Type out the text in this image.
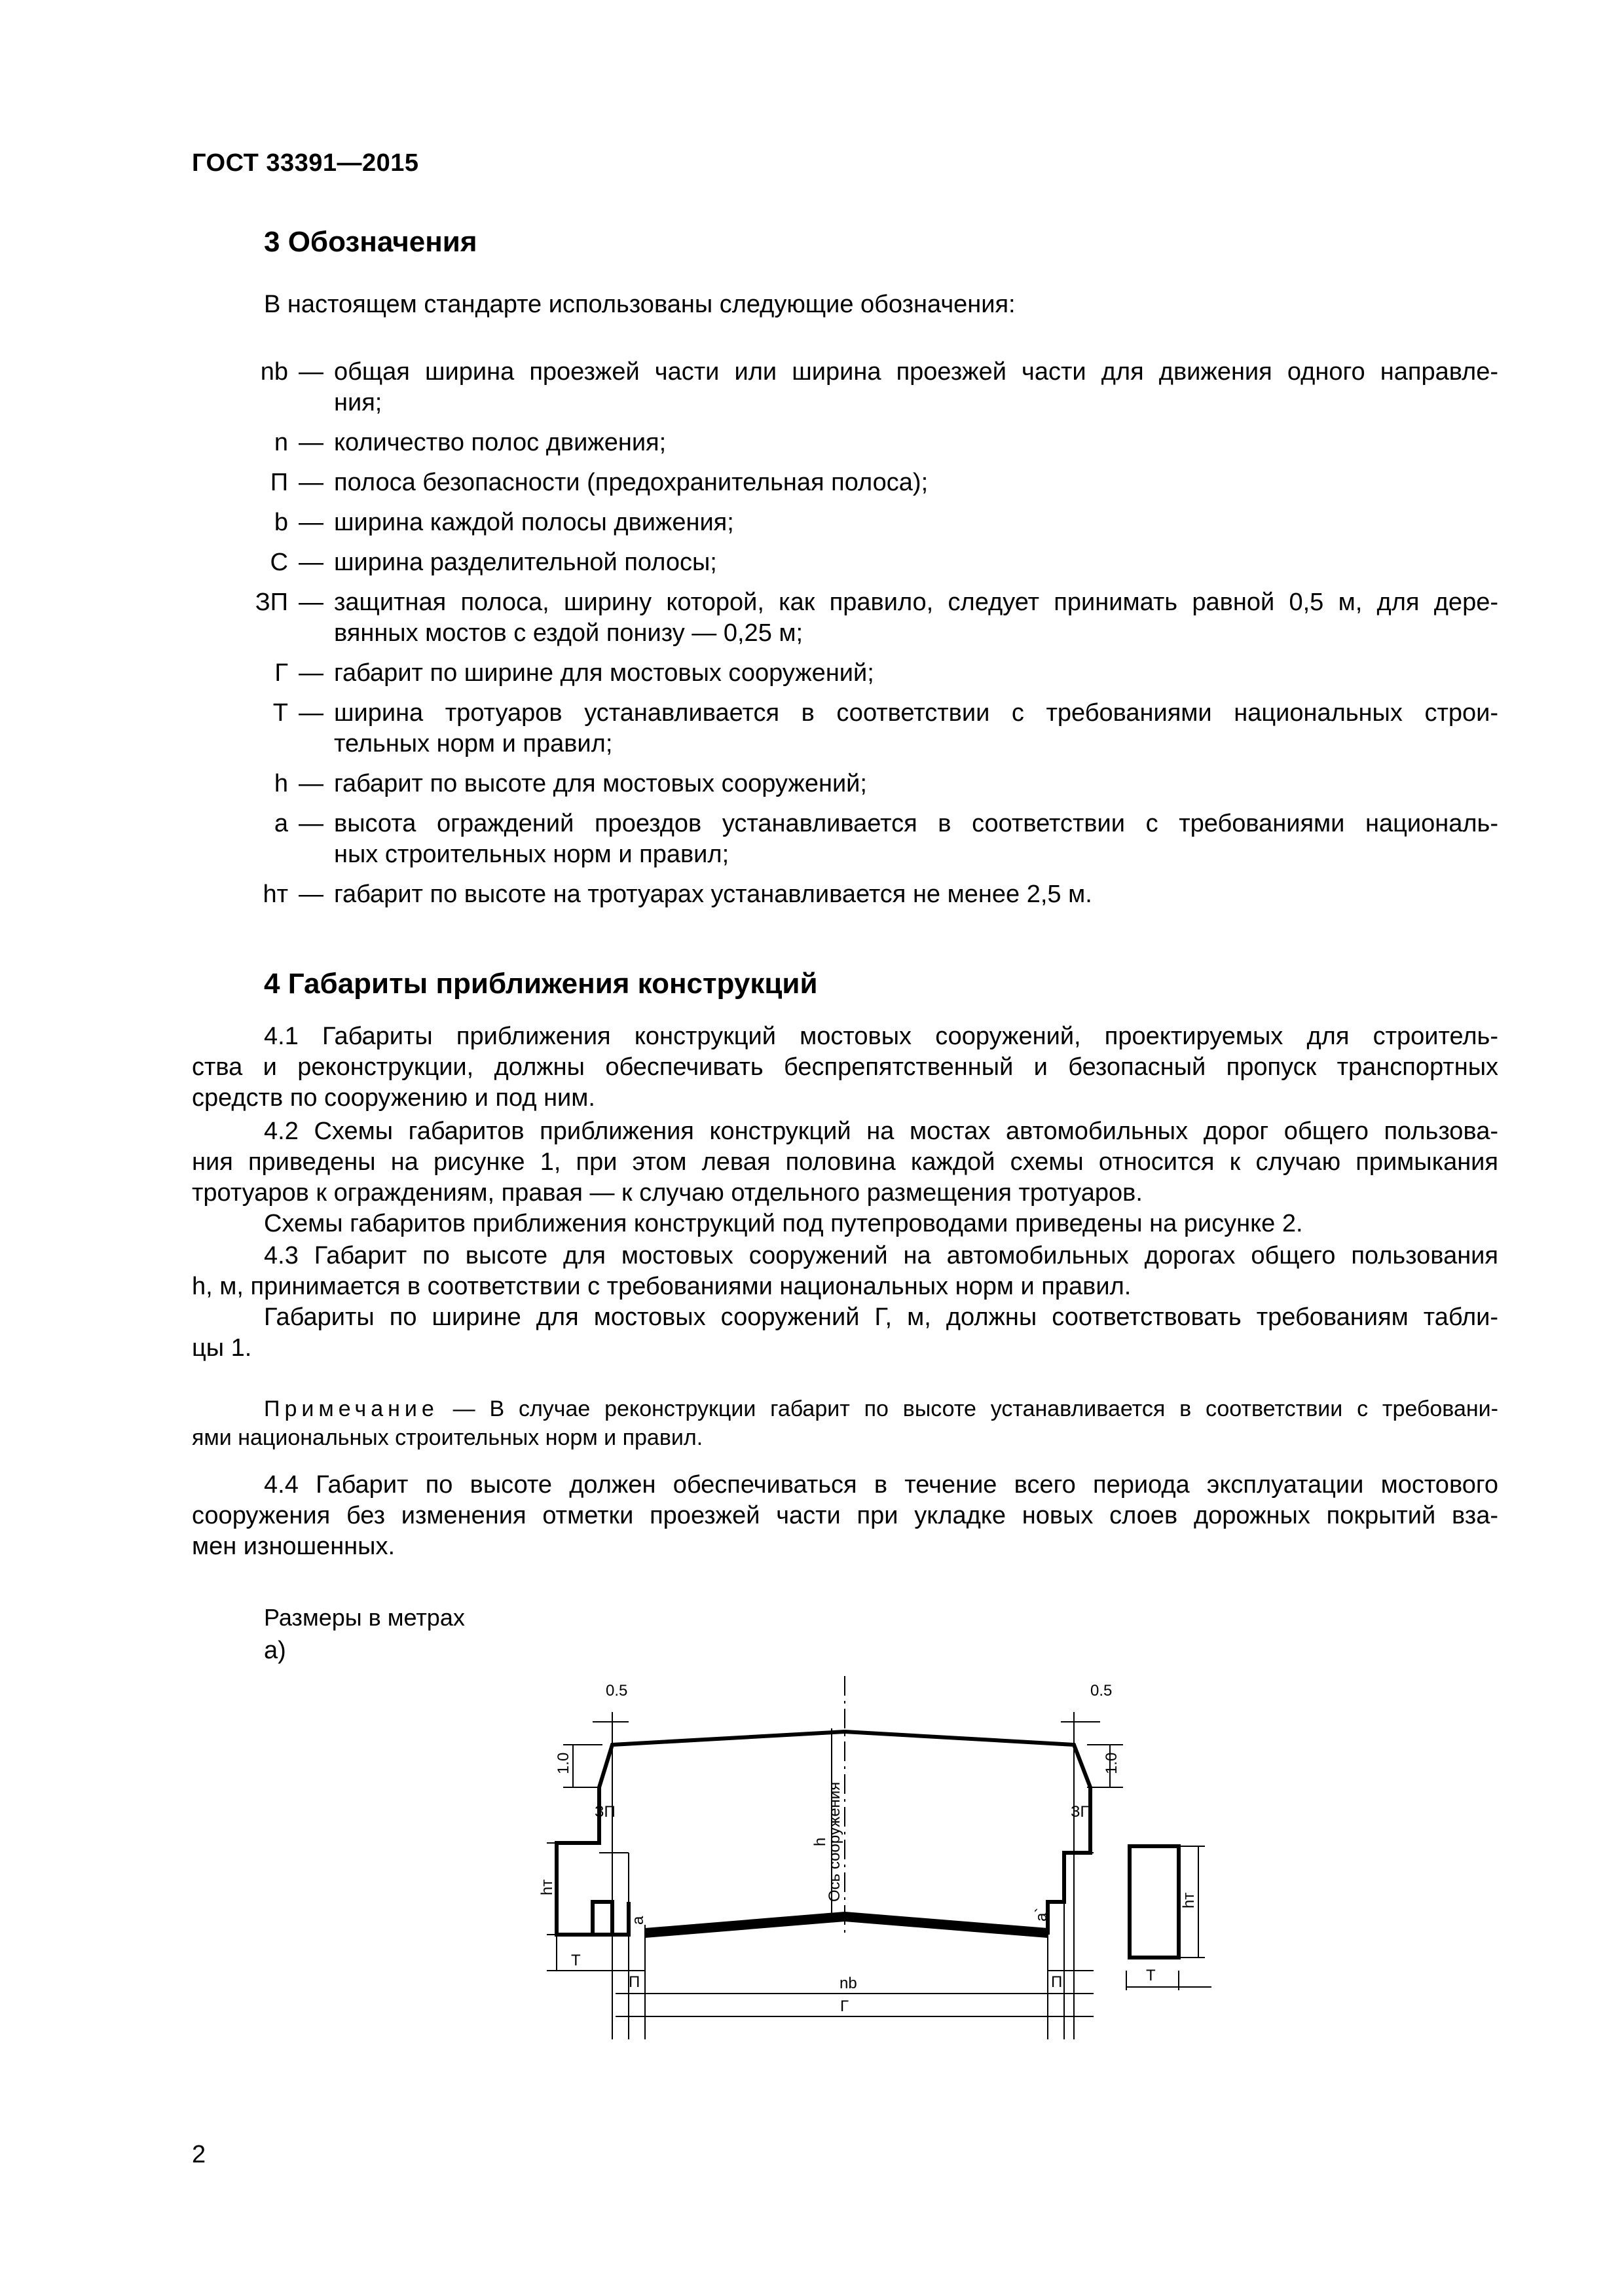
ГОСТ 33391—2015
3 Обозначения
В настоящем стандарте использованы следующие обозначения:
nb — общая ширина проезжей части или ширина проезжей части для движения одного направле-
ния;
n — количество полос движения;
П — полоса безопасности (предохранительная полоса);
b — ширина каждой полосы движения;
С — ширина разделительной полосы;
ЗП — защитная полоса, ширину которой, как правило, следует принимать равной 0,5 м, для дере-
вянных мостов с ездой понизу — 0,25 м;
Г — габарит по ширине для мостовых сооружений;
Т — ширина тротуаров устанавливается в соответствии с требованиями национальных строи-
тельных норм и правил;
h — габарит по высоте для мостовых сооружений;
a — высота ограждений проездов устанавливается в соответствии с требованиями националь-
ных строительных норм и правил;
hт — габарит по высоте на тротуарах устанавливается не менее 2,5 м.
4 Габариты приближения конструкций
4.1 Габариты приближения конструкций мостовых сооружений, проектируемых для строитель-
ства и реконструкции, должны обеспечивать беспрепятственный и безопасный пропуск транспортных
средств по сооружению и под ним.
4.2 Схемы габаритов приближения конструкций на мостах автомобильных дорог общего пользова-
ния приведены на рисунке 1, при этом левая половина каждой схемы относится к случаю примыкания
тротуаров к ограждениям, правая — к случаю отдельного размещения тротуаров.
Схемы габаритов приближения конструкций под путепроводами приведены на рисунке 2.
4.3 Габарит по высоте для мостовых сооружений на автомобильных дорогах общего пользования
h, м, принимается в соответствии с требованиями национальных норм и правил.
Габариты по ширине для мостовых сооружений Г, м, должны соответствовать требованиям табли-
цы 1.
Примечание — В случае реконструкции габарит по высоте устанавливается в соответствии с требовани-
ями национальных строительных норм и правил.
4.4 Габарит по высоте должен обеспечиваться в течение всего периода эксплуатации мостового
сооружения без изменения отметки проезжей части при укладке новых слоев дорожных покрытий вза-
мен изношенных.
Размеры в метрах
а)
0.5	0.5
1.0	1.0
ЗП	ЗП
h
Ось сооружения
hт
hт
a	a`
Т
Т
П	П
nb
Г
2
